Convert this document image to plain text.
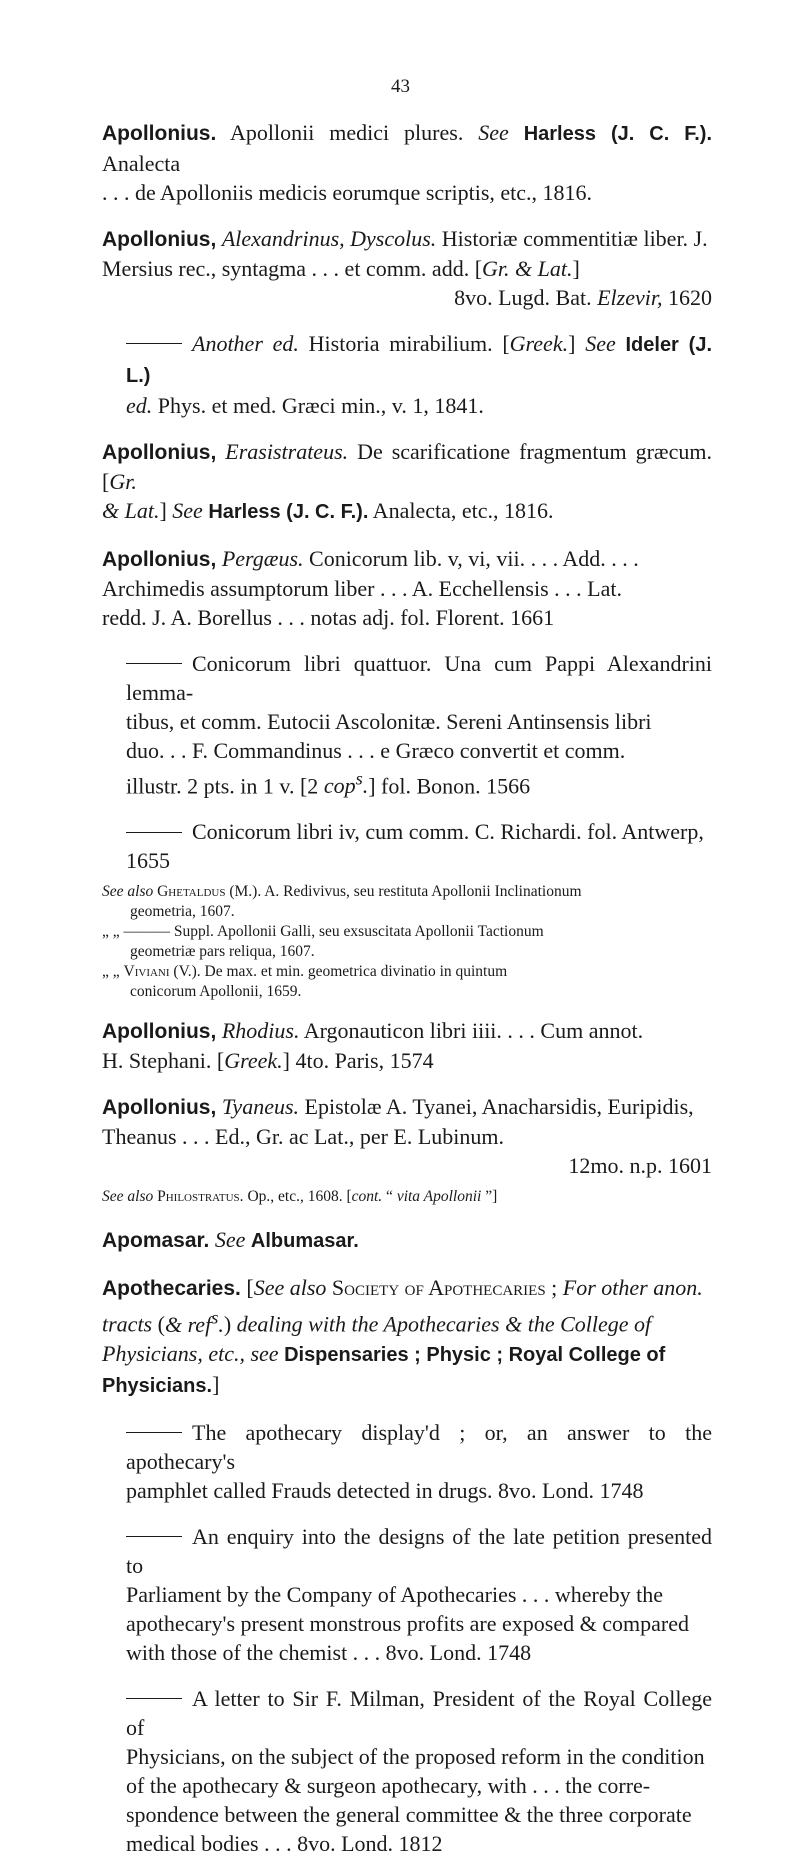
43
Apollonius. Apollonii medici plures. See Harless (J. C. F.). Analecta
. . . de Apolloniis medicis eorumque scriptis, etc., 1816.
Apollonius, Alexandrinus, Dyscolus. Historiæ commentitiæ liber. J.
Mersius rec., syntagma . . . et comm. add. [Gr. & Lat.]
8vo. Lugd. Bat. Elzevir, 1620
Another ed. Historia mirabilium. [Greek.] See Ideler (J. L.)
ed. Phys. et med. Græci min., v. 1, 1841.
Apollonius, Erasistrateus. De scarificatione fragmentum græcum. [Gr.
& Lat.] See Harless (J. C. F.). Analecta, etc., 1816.
Apollonius, Pergæus. Conicorum lib. v, vi, vii. . . . Add. . . .
Archimedis assumptorum liber . . . A. Ecchellensis . . . Lat.
redd. J. A. Borellus . . . notas adj. fol. Florent. 1661
Conicorum libri quattuor. Una cum Pappi Alexandrini lemma-
tibus, et comm. Eutocii Ascolonitæ. Sereni Antinsensis libri
duo. . . F. Commandinus . . . e Græco convertit et comm.
illustr. 2 pts. in 1 v. [2 cop$^s$.] fol. Bonon. 1566
Conicorum libri iv, cum comm. C. Richardi. fol. Antwerp, 1655
See also Ghetaldus (M.). A. Redivivus, seu restituta Apollonii Inclinationum
geometria, 1607.
„ „ ——— Suppl. Apollonii Galli, seu exsuscitata Apollonii Tactionum
geometriæ pars reliqua, 1607.
„ „ Viviani (V.). De max. et min. geometrica divinatio in quintum
conicorum Apollonii, 1659.
Apollonius, Rhodius. Argonauticon libri iiii. . . . Cum annot.
H. Stephani. [Greek.] 4to. Paris, 1574
Apollonius, Tyaneus. Epistolæ A. Tyanei, Anacharsidis, Euripidis,
Theanus . . . Ed., Gr. ac Lat., per E. Lubinum.
12mo. n.p. 1601
See also Philostratus. Op., etc., 1608. [cont. “ vita Apollonii ”]
Apomasar. See Albumasar.
Apothecaries. [See also Society of Apothecaries ; For other anon.
tracts (& ref$^s$.) dealing with the Apothecaries & the College of
Physicians, etc., see Dispensaries ; Physic ; Royal College of
Physicians.]
The apothecary display'd ; or, an answer to the apothecary's
pamphlet called Frauds detected in drugs. 8vo. Lond. 1748
An enquiry into the designs of the late petition presented to
Parliament by the Company of Apothecaries . . . whereby the
apothecary's present monstrous profits are exposed & compared
with those of the chemist . . . 8vo. Lond. 1748
A letter to Sir F. Milman, President of the Royal College of
Physicians, on the subject of the proposed reform in the condition
of the apothecary & surgeon apothecary, with . . . the corre-
spondence between the general committee & the three corporate
medical bodies . . . 8vo. Lond. 1812
